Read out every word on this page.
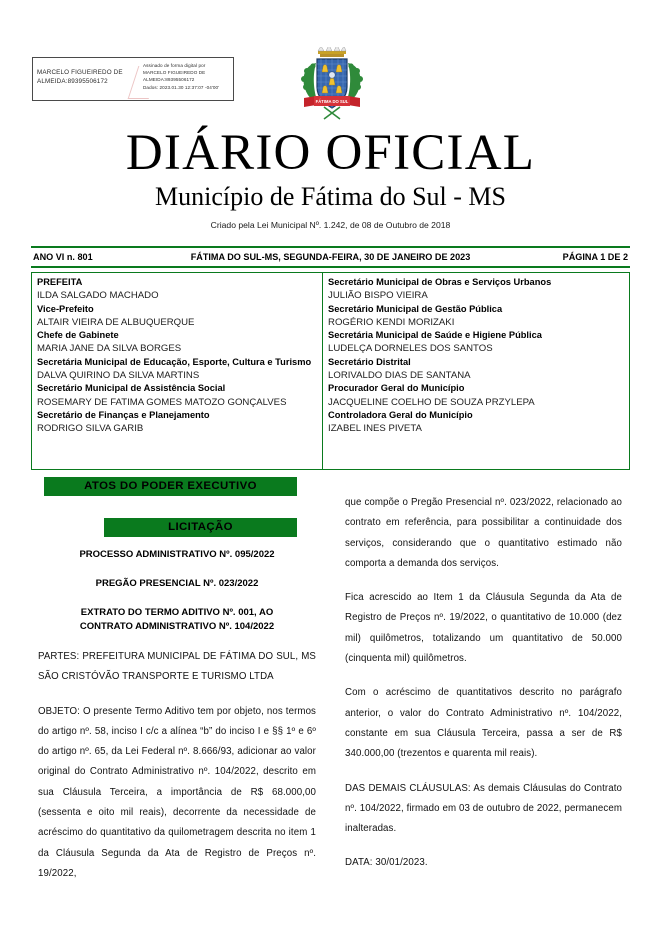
MARCELO FIGUEIREDO DE
ALMEIDA:89395506172
Assinado de forma digital por
MARCELO FIGUEIREDO DE
ALMEIDA:89395506172
Dados: 2023.01.30 12:37:07 -04'00'
FÁTIMA DO SUL
DIÁRIO OFICIAL
Município de Fátima do Sul - MS
Criado pela Lei Municipal Nº. 1.242, de 08 de Outubro de 2018
ANO VI n. 801	FÁTIMA DO SUL-MS, SEGUNDA-FEIRA, 30 DE JANEIRO DE 2023	PÁGINA 1 DE 2
PREFEITA
ILDA SALGADO MACHADO
Vice-Prefeito
ALTAIR VIEIRA DE ALBUQUERQUE
Chefe de Gabinete
MARIA JANE DA SILVA BORGES
Secretária Municipal de Educação, Esporte, Cultura e Turismo
DALVA QUIRINO DA SILVA MARTINS
Secretário Municipal de Assistência Social
ROSEMARY DE FATIMA GOMES MATOZO GONÇALVES
Secretário de Finanças e Planejamento
RODRIGO SILVA GARIB
Secretário Municipal de Obras e Serviços Urbanos
JULIÃO BISPO VIEIRA
Secretário Municipal de Gestão Pública
ROGÉRIO KENDI MORIZAKI
Secretária Municipal de Saúde e Higiene Pública
LUDELÇA DORNELES DOS SANTOS
Secretário Distrital
LORIVALDO DIAS DE SANTANA
Procurador Geral do Município
JACQUELINE COELHO DE SOUZA PRZYLEPA
Controladora Geral do Município
IZABEL INES PIVETA
ATOS DO PODER EXECUTIVO
LICITAÇÃO
PROCESSO ADMINISTRATIVO Nº. 095/2022
PREGÃO PRESENCIAL Nº. 023/2022
EXTRATO DO TERMO ADITIVO Nº. 001, AO
CONTRATO ADMINISTRATIVO Nº. 104/2022
PARTES: PREFEITURA MUNICIPAL DE FÁTIMA DO SUL, MS SÃO CRISTÓVÃO TRANSPORTE E TURISMO LTDA
OBJETO: O presente Termo Aditivo tem por objeto, nos termos do artigo nº. 58, inciso I c/c a alínea “b” do inciso I e §§ 1º e 6º do artigo nº. 65, da Lei Federal nº. 8.666/93, adicionar ao valor original do Contrato Administrativo nº. 104/2022, descrito em sua Cláusula Terceira, a importância de R$ 68.000,00 (sessenta e oito mil reais), decorrente da necessidade de acréscimo do quantitativo da quilometragem descrita no item 1 da Cláusula Segunda da Ata de Registro de Preços nº. 19/2022,
que compõe o Pregão Presencial nº. 023/2022, relacionado ao contrato em referência, para possibilitar a continuidade dos serviços, considerando que o quantitativo estimado não comporta a demanda dos serviços.
Fica acrescido ao Item 1 da Cláusula Segunda da Ata de Registro de Preços nº. 19/2022, o quantitativo de 10.000 (dez mil) quilômetros, totalizando um quantitativo de 50.000 (cinquenta mil) quilômetros.
Com o acréscimo de quantitativos descrito no parágrafo anterior, o valor do Contrato Administrativo nº. 104/2022, constante em sua Cláusula Terceira, passa a ser de R$ 340.000,00 (trezentos e quarenta mil reais).
DAS DEMAIS CLÁUSULAS: As demais Cláusulas do Contrato nº. 104/2022, firmado em 03 de outubro de 2022, permanecem inalteradas.
DATA: 30/01/2023.
